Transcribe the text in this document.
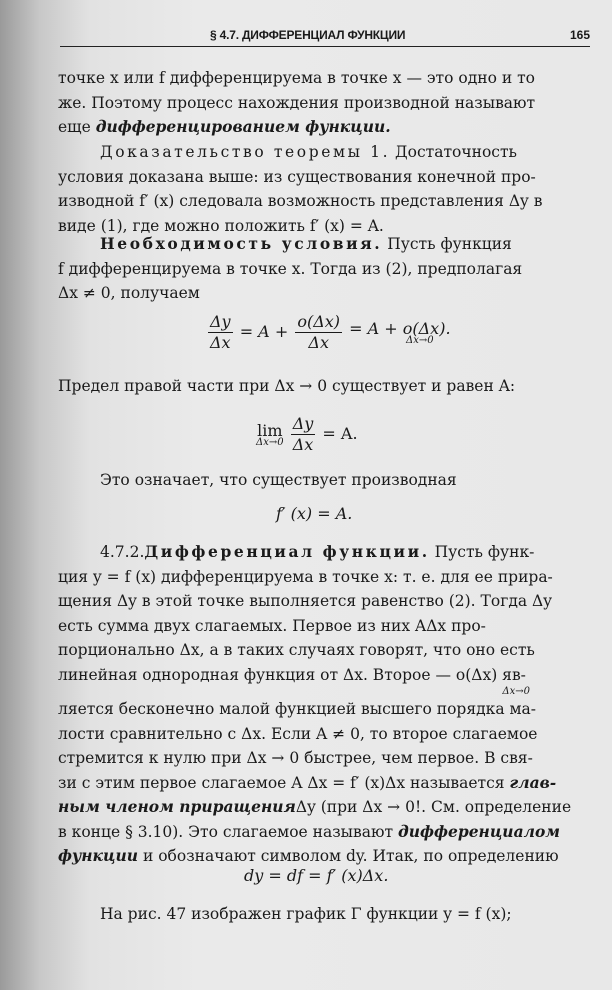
§ 4.7. ДИФФЕРЕНЦИАЛ ФУНКЦИИ	165

точке x или f дифференцируема в точке x — это одно и то

же. Поэтому процесс нахождения производной называют

еще дифференцированием функции.

Доказательство теоремы 1. Достаточность

условия доказана выше: из существования конечной про-

изводной f′ (x) следовала возможность представления Δy в

виде (1), где можно положить f′ (x) = A.

Необходимость условия. Пусть функция

f дифференцируема в точке x. Тогда из (2), предполагая

Δx ≠ 0, получаем

$\frac{\Delta y}{\Delta x} = A + \frac{o(\Delta x)}{\Delta x} = A + o(\Delta x)$.
Δx→0

Предел правой части при Δx → 0 существует и равен A:

lim
Δx→0
$\frac{\Delta y}{\Delta x} = A$.

Это означает, что существует производная

f′ (x) = A.

4.7.2.Дифференциал функции. Пусть функ-

ция y = f (x) дифференцируема в точке x: т. е. для ее прира-

щения Δy в этой точке выполняется равенство (2). Тогда Δy

есть сумма двух слагаемых. Первое из них AΔx про-

порционально Δx, а в таких случаях говорят, что оно есть

линейная однородная функция от Δx. Второе — o(Δx) яв-

Δx→0

ляется бесконечно малой функцией высшего порядка ма-

лости сравнительно с Δx. Если A ≠ 0, то второе слагаемое

стремится к нулю при Δx → 0 быстрее, чем первое. В свя-

зи с этим первое слагаемое A Δx = f′ (x)Δx называется глав-

ным членом приращенияΔy (при Δx → 0!. См. определение

в конце § 3.10). Это слагаемое называют дифференциалом

функции и обозначают символом dy. Итак, по определению

dy = df = f′ (x)Δx.

На рис. 47 изображен график Γ функции y = f (x);
